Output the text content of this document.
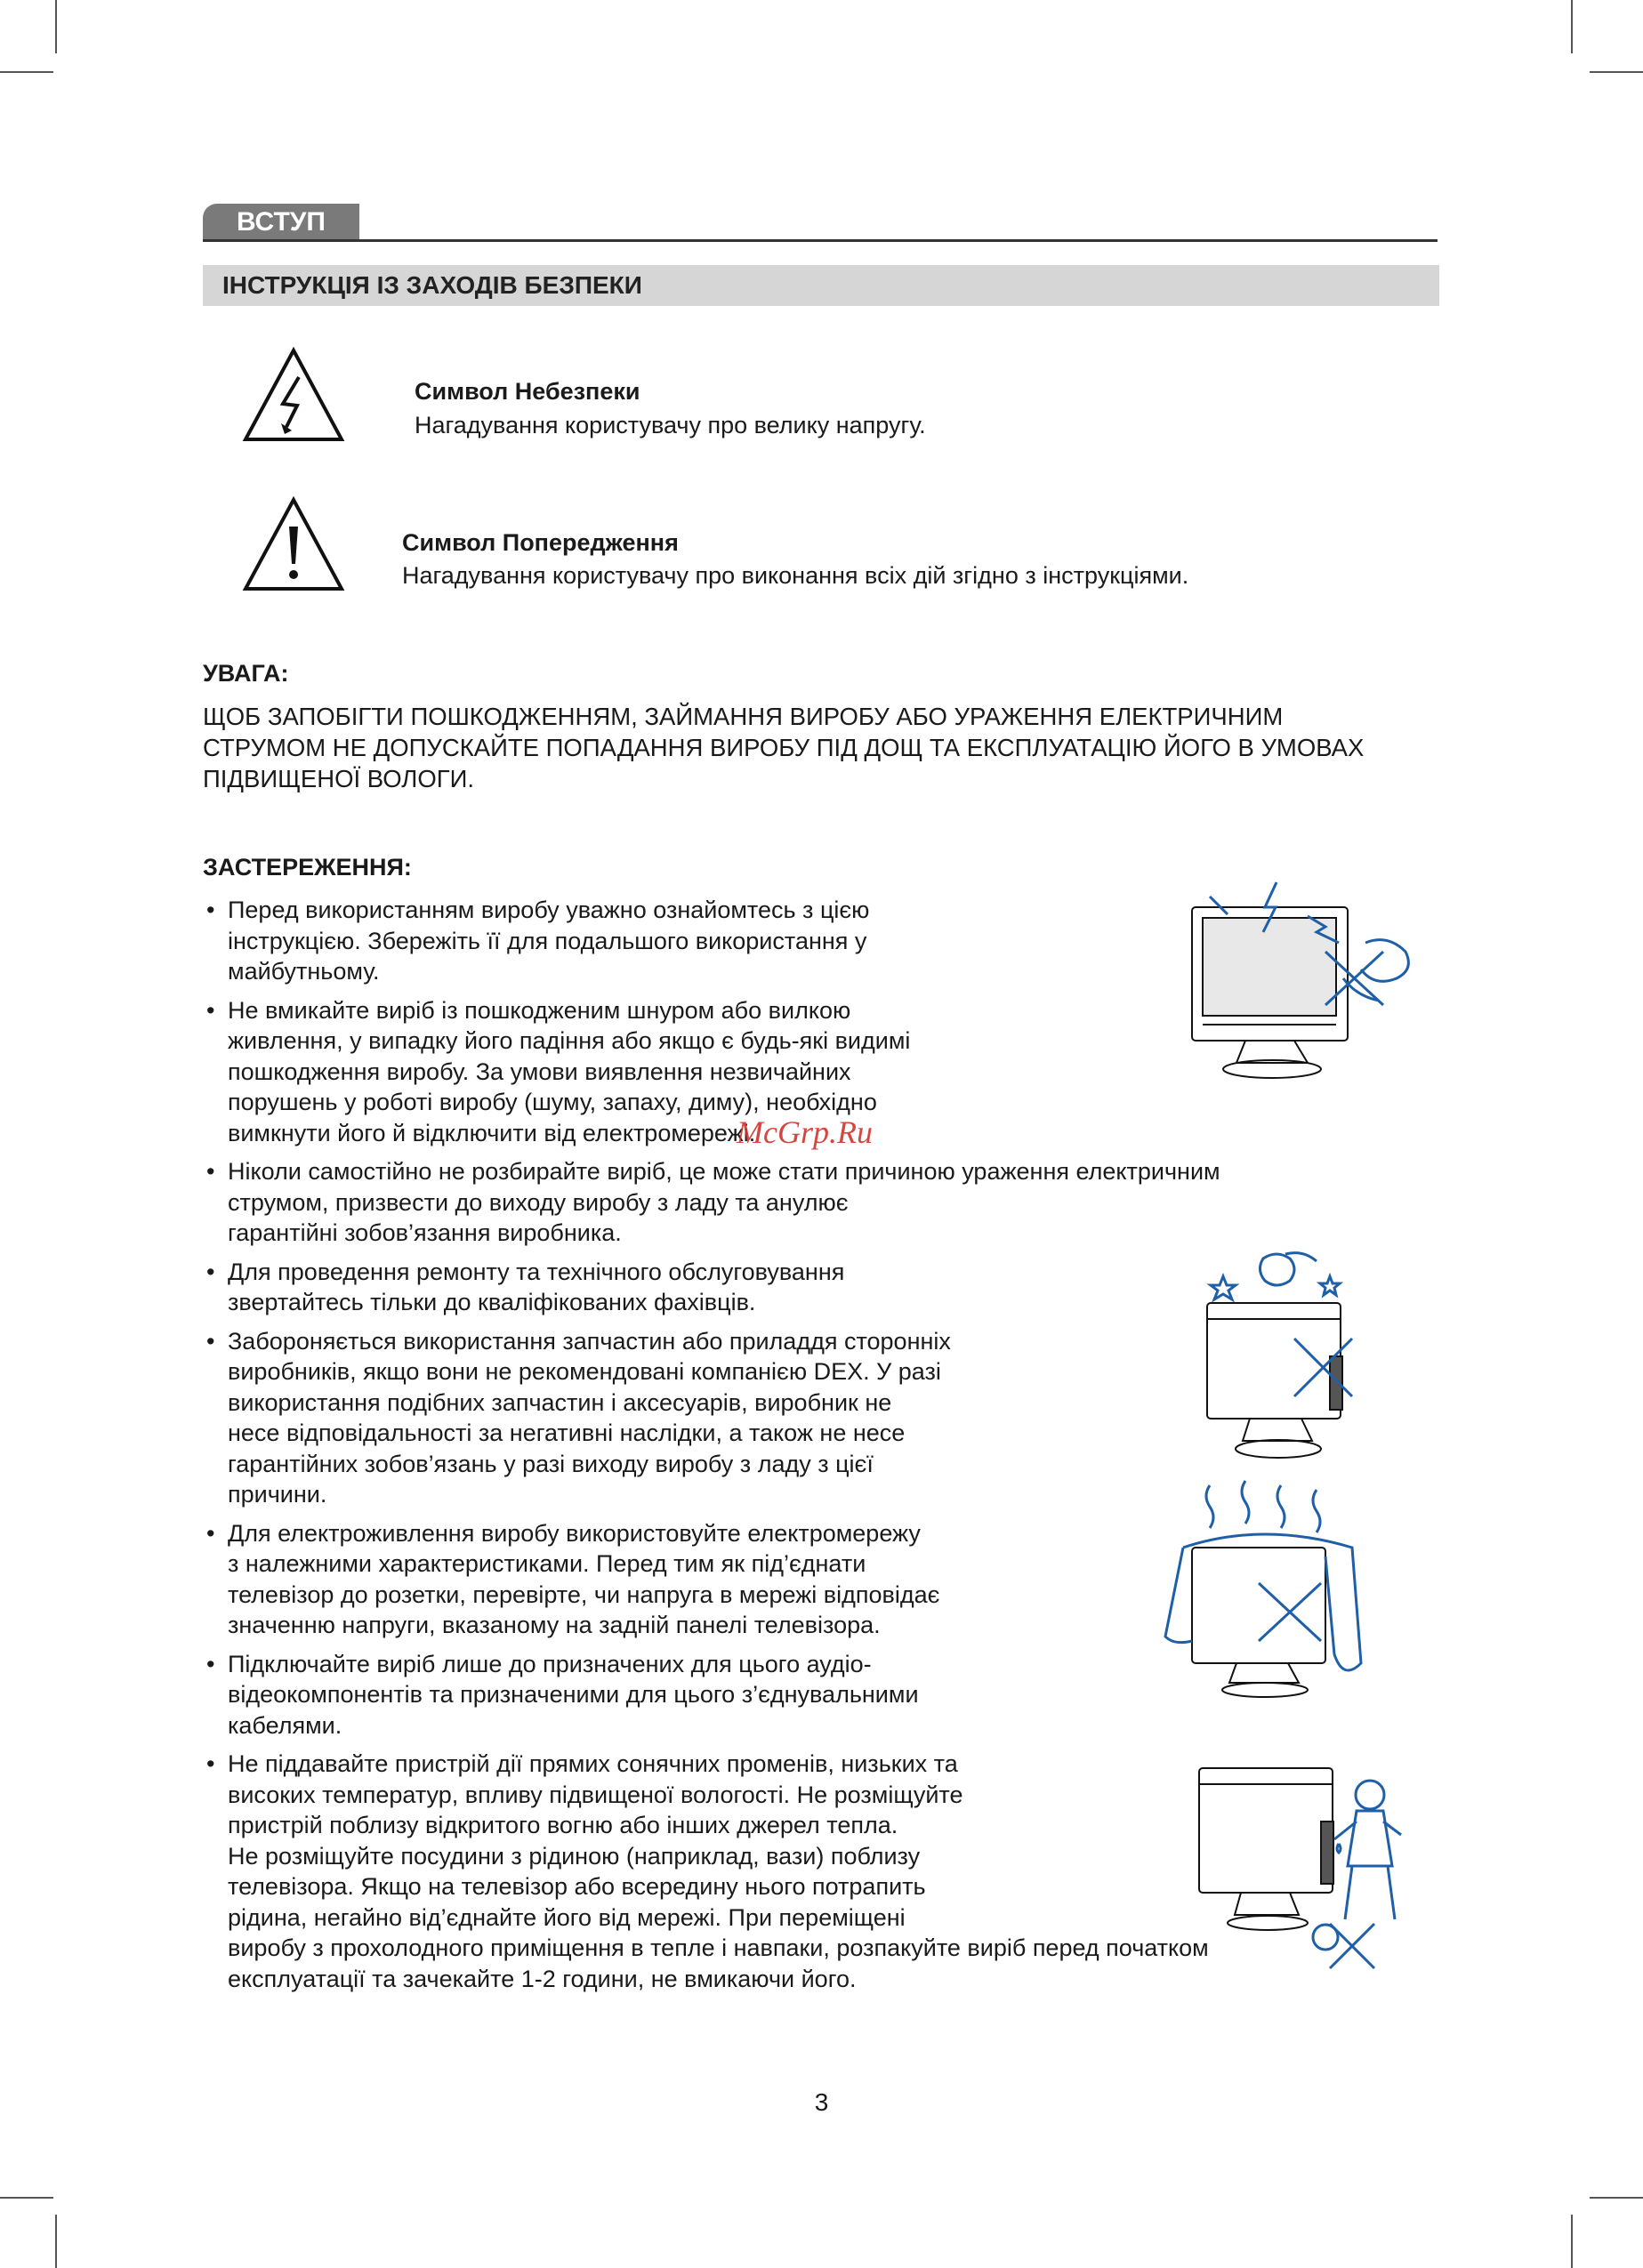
ВСТУП
ІНСТРУКЦІЯ ІЗ ЗАХОДІВ БЕЗПЕКИ
Символ Небезпеки
Нагадування користувачу про велику напругу.
Символ Попередження
Нагадування користувачу про виконання всіх дій згідно з інструкціями.
УВАГА:
ЩОБ ЗАПОБІГТИ ПОШКОДЖЕННЯМ, ЗАЙМАННЯ ВИРОБУ АБО УРАЖЕННЯ ЕЛЕКТРИЧНИМ СТРУМОМ НЕ ДОПУСКАЙТЕ ПОПАДАННЯ ВИРОБУ ПІД ДОЩ ТА ЕКСПЛУАТАЦІЮ ЙОГО В УМОВАХ ПІДВИЩЕНОЇ ВОЛОГИ.
ЗАСТЕРЕЖЕННЯ:
• Перед використанням виробу уважно ознайомтесь з цією
інструкцією. Збережіть її для подальшого використання у
майбутньому.
• Не вмикайте виріб із пошкодженим шнуром або вилкою
живлення, у випадку його падіння або якщо є будь-які видимі
пошкодження виробу. За умови виявлення незвичайних
порушень у роботі виробу (шуму, запаху, диму), необхідно
вимкнути його й відключити від електромережі.
• Ніколи самостійно не розбирайте виріб, це може стати причиною ураження електричним
струмом, призвести до виходу виробу з ладу та анулює
гарантійні зобов’язання виробника.
• Для проведення ремонту та технічного обслуговування
звертайтесь тільки до кваліфікованих фахівців.
• Забороняється використання запчастин або приладдя сторонніх
виробників, якщо вони не рекомендовані компанією DEX. У разі
використання подібних запчастин і аксесуарів, виробник не
несе відповідальності за негативні наслідки, а також не несе
гарантійних зобов’язань у разі виходу виробу з ладу з цієї
причини.
• Для електроживлення виробу використовуйте електромережу
з належними характеристиками. Перед тим як під’єднати
телевізор до розетки, перевірте, чи напруга в мережі відповідає
значенню напруги, вказаному на задній панелі телевізора.
• Підключайте виріб лише до призначених для цього аудіо-
відеокомпонентів та призначеними для цього з’єднувальними
кабелями.
• Не піддавайте пристрій дії прямих сонячних променів, низьких та
високих температур, впливу підвищеної вологості. Не розміщуйте
пристрій поблизу відкритого вогню або інших джерел тепла.
Не розміщуйте посудини з рідиною (наприклад, вази) поблизу
телевізора. Якщо на телевізор або всередину нього потрапить
рідина, негайно від’єднайте його від мережі. При переміщені
виробу з прохолодного приміщення в тепле і навпаки, розпакуйте виріб перед початком
експлуатації та зачекайте 1-2 години, не вмикаючи його.
McGrp.Ru
3
